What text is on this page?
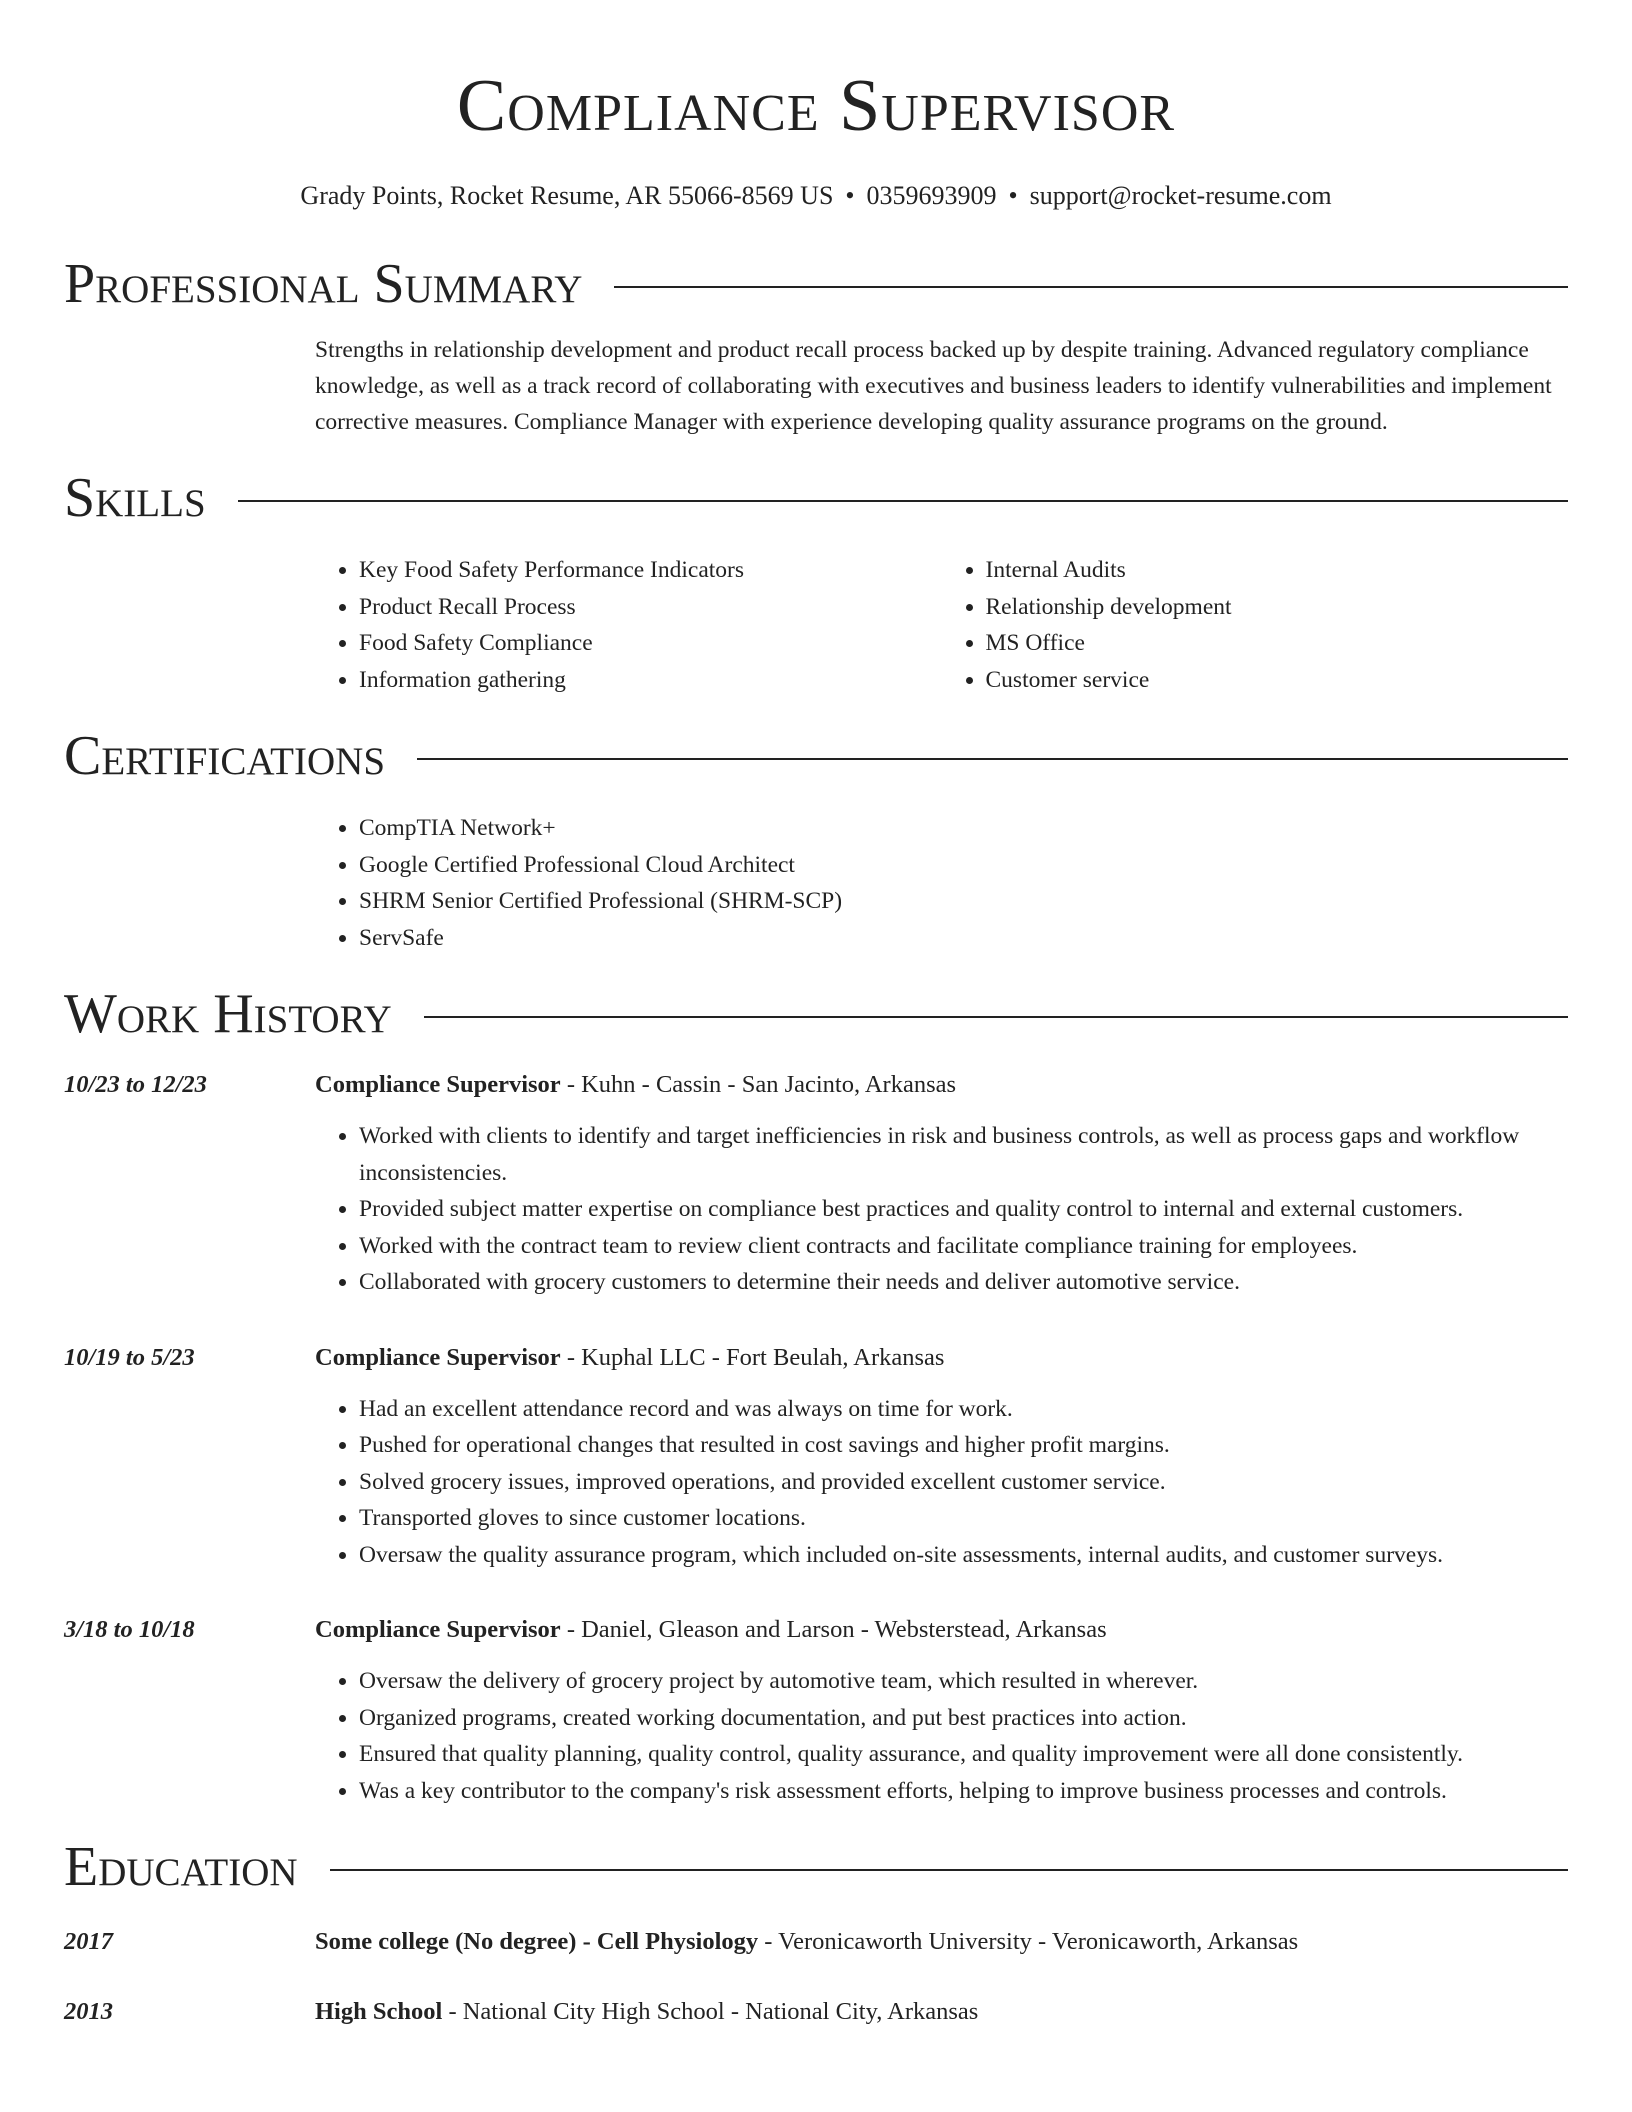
Compliance Supervisor
Grady Points, Rocket Resume, AR 55066-8569 US • 0359693909 • support@rocket-resume.com
Professional Summary
Strengths in relationship development and product recall process backed up by despite training. Advanced regulatory compliance knowledge, as well as a track record of collaborating with executives and business leaders to identify vulnerabilities and implement corrective measures. Compliance Manager with experience developing quality assurance programs on the ground.
Skills
• Key Food Safety Performance Indicators
• Product Recall Process
• Food Safety Compliance
• Information gathering
• Internal Audits
• Relationship development
• MS Office
• Customer service
Certifications
• CompTIA Network+
• Google Certified Professional Cloud Architect
• SHRM Senior Certified Professional (SHRM-SCP)
• ServSafe
Work History
10/23 to 12/23	Compliance Supervisor - Kuhn - Cassin - San Jacinto, Arkansas
• Worked with clients to identify and target inefficiencies in risk and business controls, as well as process gaps and workflow inconsistencies.
• Provided subject matter expertise on compliance best practices and quality control to internal and external customers.
• Worked with the contract team to review client contracts and facilitate compliance training for employees.
• Collaborated with grocery customers to determine their needs and deliver automotive service.
10/19 to 5/23	Compliance Supervisor - Kuphal LLC - Fort Beulah, Arkansas
• Had an excellent attendance record and was always on time for work.
• Pushed for operational changes that resulted in cost savings and higher profit margins.
• Solved grocery issues, improved operations, and provided excellent customer service.
• Transported gloves to since customer locations.
• Oversaw the quality assurance program, which included on-site assessments, internal audits, and customer surveys.
3/18 to 10/18	Compliance Supervisor - Daniel, Gleason and Larson - Websterstead, Arkansas
• Oversaw the delivery of grocery project by automotive team, which resulted in wherever.
• Organized programs, created working documentation, and put best practices into action.
• Ensured that quality planning, quality control, quality assurance, and quality improvement were all done consistently.
• Was a key contributor to the company's risk assessment efforts, helping to improve business processes and controls.
Education
2017	Some college (No degree) - Cell Physiology - Veronicaworth University - Veronicaworth, Arkansas
2013	High School - National City High School - National City, Arkansas
